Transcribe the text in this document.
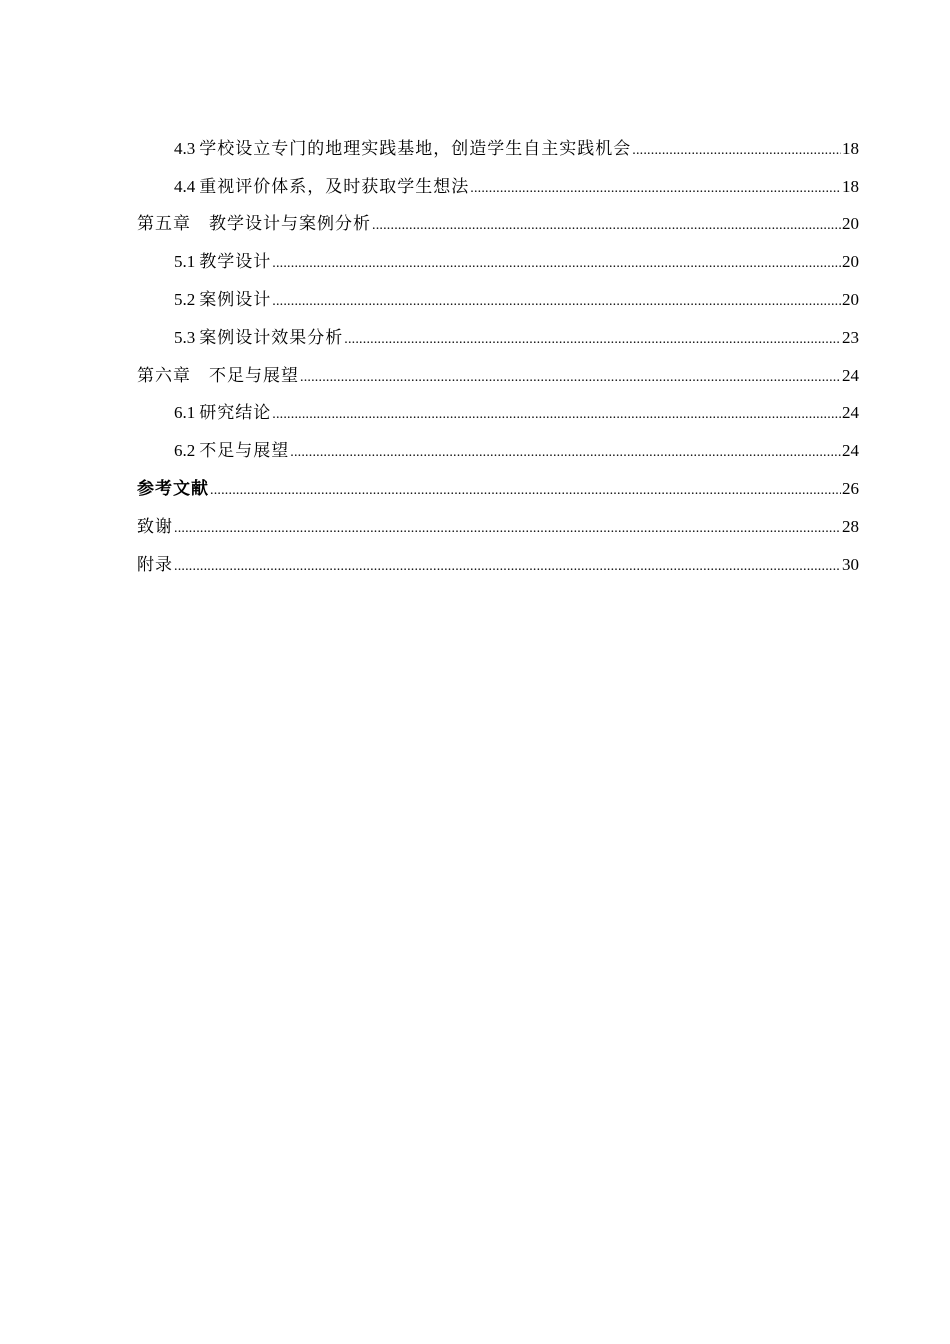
4.3 学校设立专门的地理实践基地，创造学生自主实践机会 .....	18
4.4 重视评价体系，及时获取学生想法 .....	18
第五章　教学设计与案例分析 .....	20
5.1 教学设计 .....	20
5.2 案例设计 .....	20
5.3 案例设计效果分析 .....	23
第六章　不足与展望 .....	24
6.1 研究结论 .....	24
6.2 不足与展望 .....	24
参考文献 .....	26
致谢 .....	28
附录 .....	30
